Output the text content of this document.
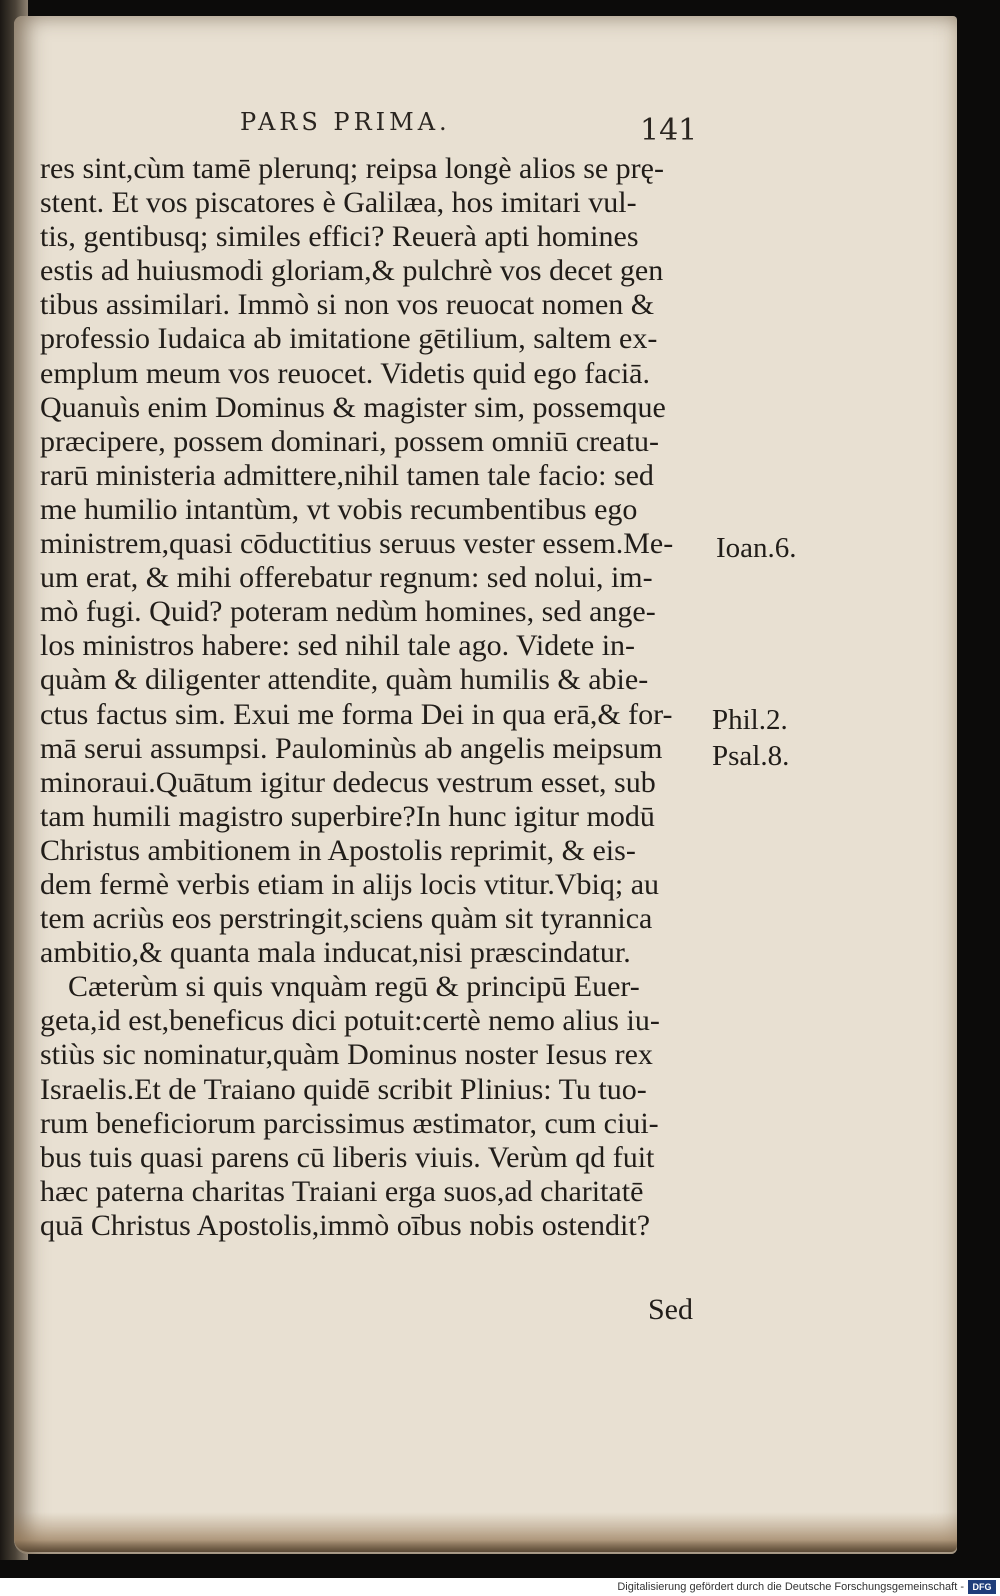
PARS PRIMA.	141
res sint,cùm tamē plerunq; reipsa longè alios se prę-
stent. Et vos piscatores è Galilæa, hos imitari vul-
tis, gentibusq; similes effici? Reuerà apti homines
estis ad huiusmodi gloriam,& pulchrè vos decet gen
tibus assimilari. Immò si non vos reuocat nomen &
professio Iudaica ab imitatione gētilium, saltem ex-
emplum meum vos reuocet. Videtis quid ego faciā.
Quanuìs enim Dominus & magister sim, possemque
præcipere, possem dominari, possem omniū creatu-
rarū ministeria admittere,nihil tamen tale facio: sed
me humilio intantùm, vt vobis recumbentibus ego
ministrem,quasi cōductitius seruus vester essem.Me-
um erat, & mihi offerebatur regnum: sed nolui, im-
mò fugi. Quid? poteram nedùm homines, sed ange-
los ministros habere: sed nihil tale ago. Videte in-
quàm & diligenter attendite, quàm humilis & abie-
ctus factus sim. Exui me forma Dei in qua erā,& for-
mā serui assumpsi. Paulominùs ab angelis meipsum
minoraui.Quātum igitur dedecus vestrum esset, sub
tam humili magistro superbire?In hunc igitur modū
Christus ambitionem in Apostolis reprimit, & eis-
dem fermè verbis etiam in alijs locis vtitur.Vbiq; au
tem acriùs eos perstringit,sciens quàm sit tyrannica
ambitio,& quanta mala inducat,nisi præscindatur.
Cæterùm si quis vnquàm regū & principū Euer-
geta,id est,beneficus dici potuit:certè nemo alius iu-
stiùs sic nominatur,quàm Dominus noster Iesus rex
Israelis.Et de Traiano quidē scribit Plinius: Tu tuo-
rum beneficiorum parcissimus æstimator, cum ciui-
bus tuis quasi parens cū liberis viuis. Verùm qd fuit
hæc paterna charitas Traiani erga suos,ad charitatē
quā Christus Apostolis,immò oībus nobis ostendit?
Ioan.6.
Phil.2.
Psal.8.
Sed
Digitalisierung gefördert durch die Deutsche Forschungsgemeinschaft - DFG
